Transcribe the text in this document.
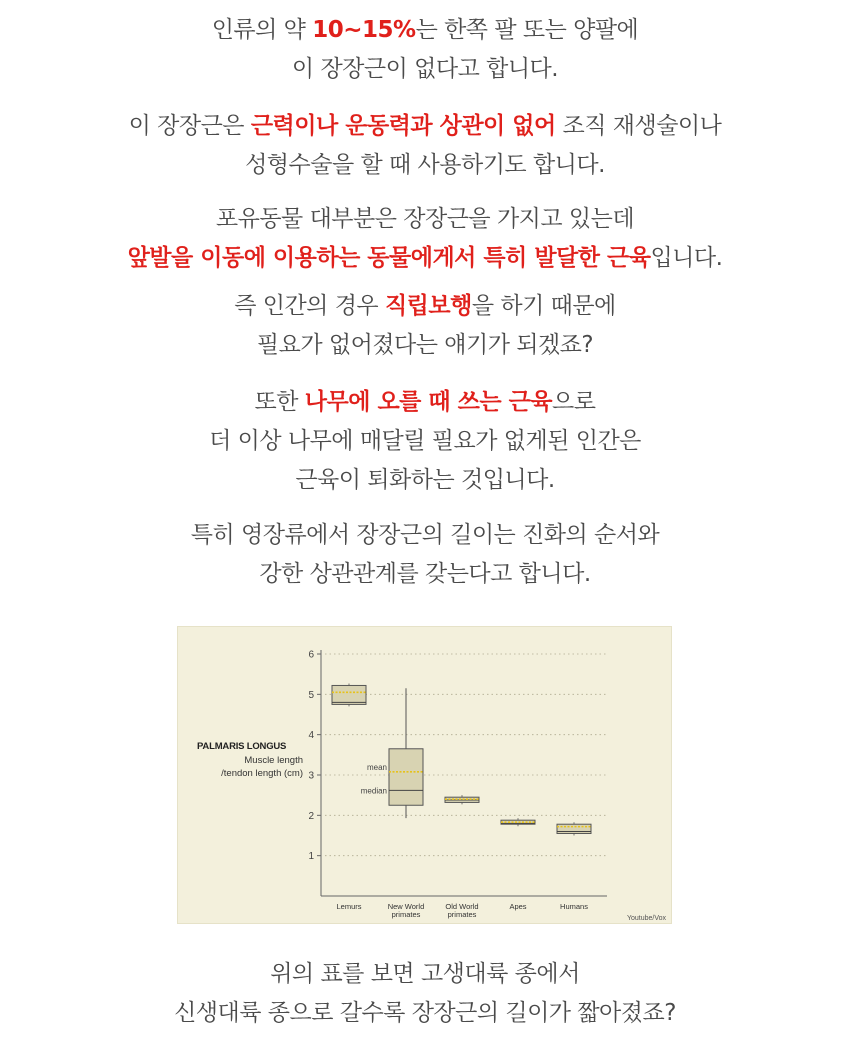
인류의 약 10~15%는 한쪽 팔 또는 양팔에
이 장장근이 없다고 합니다.
이 장장근은 근력이나 운동력과 상관이 없어 조직 재생술이나
성형수술을 할 때 사용하기도 합니다.
포유동물 대부분은 장장근을 가지고 있는데
앞발을 이동에 이용하는 동물에게서 특히 발달한 근육입니다.
즉 인간의 경우 직립보행을 하기 때문에
필요가 없어졌다는 얘기가 되겠죠?
또한 나무에 오를 때 쓰는 근육으로
더 이상 나무에 매달릴 필요가 없게된 인간은
근육이 퇴화하는 것입니다.
특히 영장류에서 장장근의 길이는 진화의 순서와
강한 상관관계를 갖는다고 합니다.
1
2
3
4
5
6
PALMARIS LONGUS
Muscle length
/tendon length (cm)
mean
median
Lemurs	New World
primates
Old World
primates
Apes	Humans
Youtube/Vox
위의 표를 보면 고생대륙 종에서
신생대륙 종으로 갈수록 장장근의 길이가 짧아졌죠?
